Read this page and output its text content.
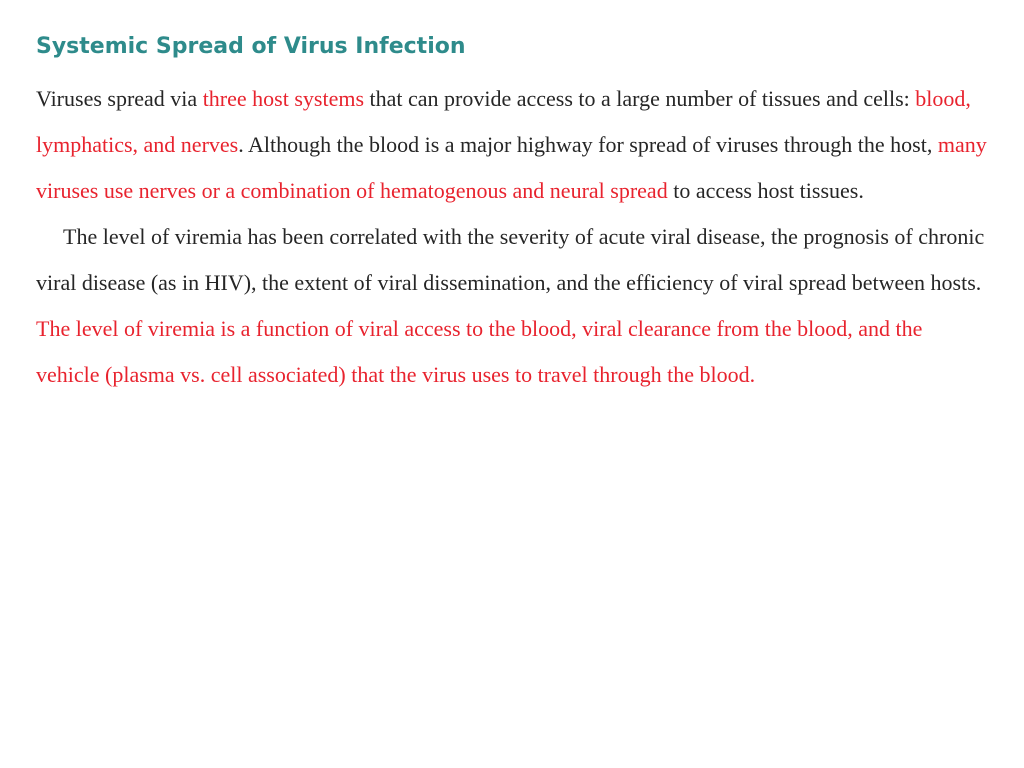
Systemic Spread of Virus Infection

Viruses spread via three host systems that can provide access to a large number of tissues and cells: blood, lymphatics, and nerves. Although the blood is a major highway for spread of viruses through the host, many viruses use nerves or a combination of hematogenous and neural spread to access host tissues.

The level of viremia has been correlated with the severity of acute viral disease, the prognosis of chronic viral disease (as in HIV), the extent of viral dissemination, and the efficiency of viral spread between hosts. The level of viremia is a function of viral access to the blood, viral clearance from the blood, and the vehicle (plasma vs. cell associated) that the virus uses to travel through the blood.
